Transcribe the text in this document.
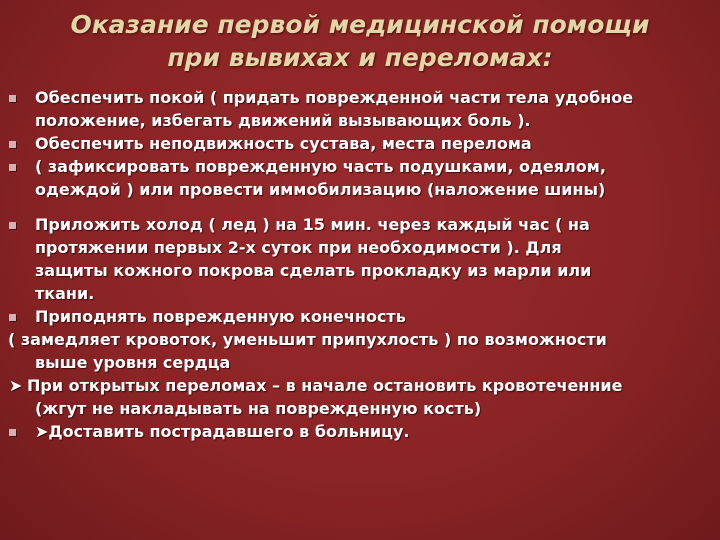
Оказание первой медицинской помощи
при вывихах и переломах:
Обеспечить покой ( придать поврежденной части тела удобное
положение, избегать движений вызывающих боль ).
Обеспечить неподвижность сустава, места перелома
( зафиксировать поврежденную часть подушками, одеялом,
одеждой ) или провести иммобилизацию (наложение шины)
Приложить холод ( лед ) на 15 мин. через каждый час ( на
протяжении первых 2-х суток при необходимости ). Для
защиты кожного покрова сделать прокладку из марли или
ткани.
Приподнять поврежденную конечность
( замедляет кровоток, уменьшит припухлость ) по возможности
выше уровня сердца
➤ При открытых переломах – в начале остановить кровотеченние
(жгут не накладывать на поврежденную кость)
➤Доставить пострадавшего в больницу.
